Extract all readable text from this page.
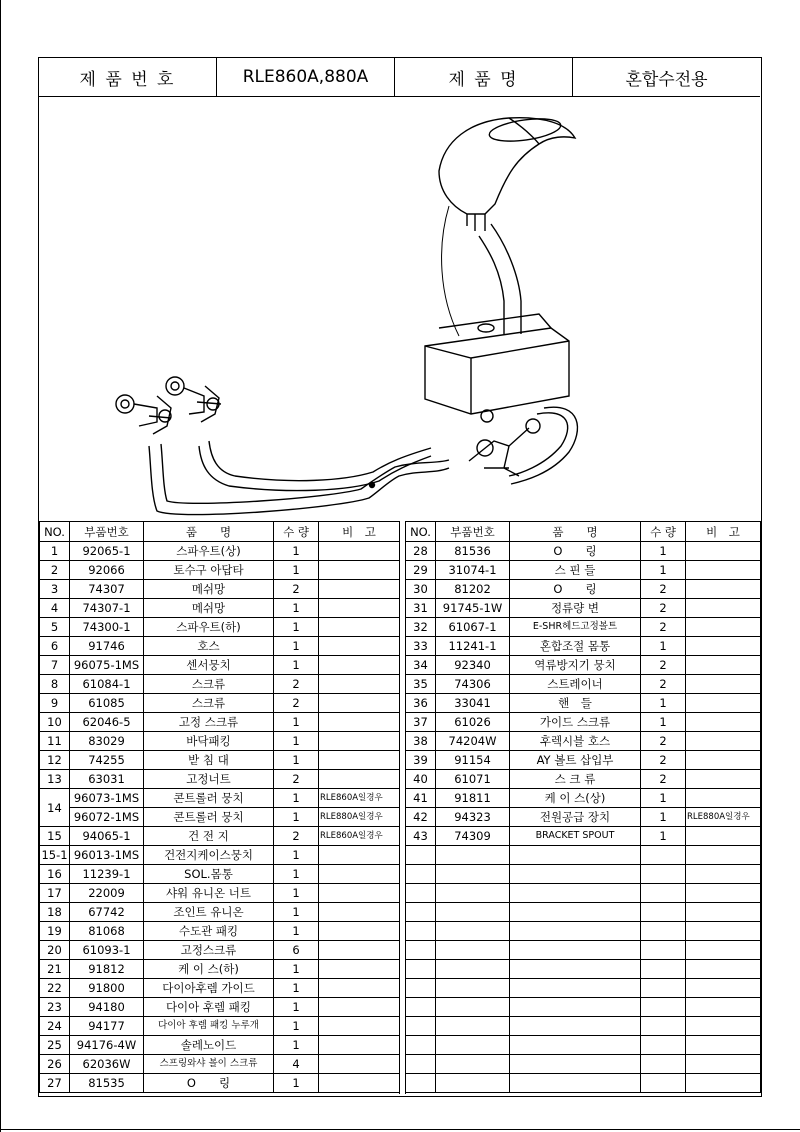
제 품 번 호	RLE860A,880A	제 품 명	혼합수전용
NO.	부품번호	품　　명	수 량	비　고
1	92065-1	스파우트(상)	1	
2	92066	토수구 아답타	1	
3	74307	메쉬망	2	
4	74307-1	메쉬망	1	
5	74300-1	스파우트(하)	1	
6	91746	호스	1	
7	96075-1MS	센서뭉치	1	
8	61084-1	스크류	2	
9	61085	스크류	2	
10	62046-5	고정 스크류	1	
11	83029	바닥패킹	1	
12	74255	받 침 대	1	
13	63031	고정너트	2	
14	96073-1MS	콘트롤러 뭉치	1	RLE860A일경우
	96072-1MS	콘트롤러 뭉치	1	RLE880A일경우
15	94065-1	건 전 지	2	RLE860A일경우
15-1	96013-1MS	건전지케이스뭉치	1	
16	11239-1	SOL.몸통	1	
17	22009	샤워 유니온 너트	1	
18	67742	조인트 유니온	1	
19	81068	수도관 패킹	1	
20	61093-1	고정스크류	6	
21	91812	케 이 스(하)	1	
22	91800	다이아후렘 가이드	1	
23	94180	다이아 후렘 패킹	1	
24	94177	다이아 후렘 패킹 누루개	1	
25	94176-4W	솔레노이드	1	
26	62036W	스프링와샤 볼이 스크류	4	
27	81535	O　　링	1	
NO.	부품번호	품　　명	수 량	비　고
28	81536	O　　링	1	
29	31074-1	스 핀 들	1	
30	81202	O　　링	2	
31	91745-1W	정류량 변	2	
32	61067-1	E-SHR헤드고정볼트	2	
33	11241-1	혼합조절 몸통	1	
34	92340	역류방지기 뭉치	2	
35	74306	스트레이너	2	
36	33041	핸　들	1	
37	61026	가이드 스크류	1	
38	74204W	후렉시블 호스	2	
39	91154	AY 볼트 삽입부	2	
40	61071	스 크 류	2	
41	91811	케 이 스(상)	1	
42	94323	전원공급 장치	1	RLE880A일경우
43	74309	BRACKET SPOUT	1	
